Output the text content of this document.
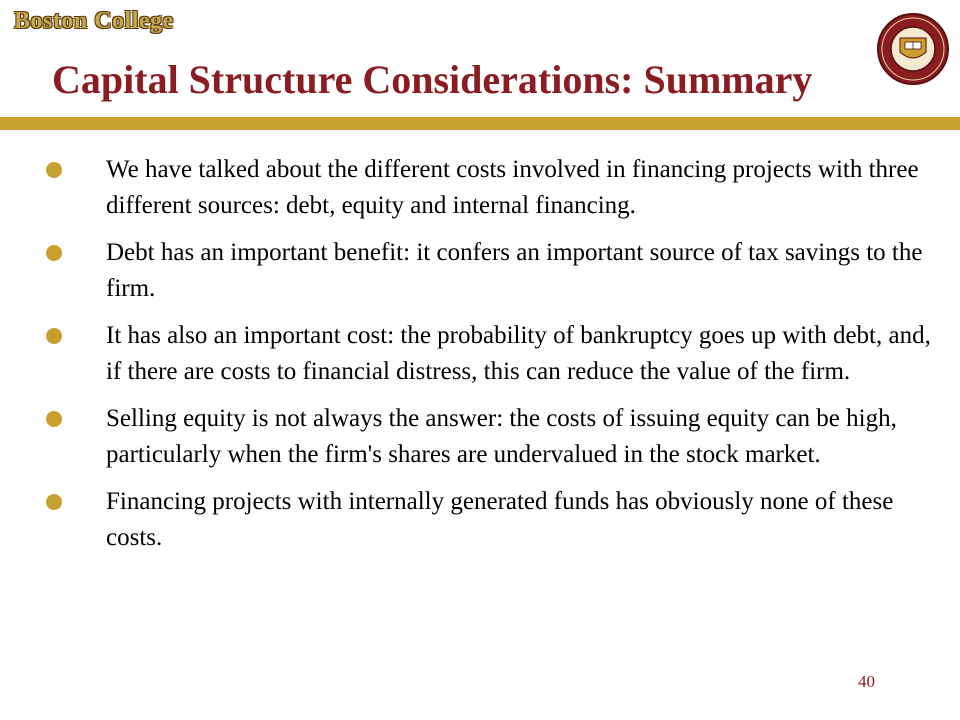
Boston College
Capital Structure Considerations: Summary
We have talked about the different costs involved in financing projects with three different sources: debt, equity and internal financing.
Debt has an important benefit: it confers an important source of tax savings to the firm.
It has also an important cost: the probability of bankruptcy goes up with debt, and, if there are costs to financial distress, this can reduce the value of the firm.
Selling equity is not always the answer: the costs of issuing equity can be high, particularly when the firm's shares are undervalued in the stock market.
Financing projects with internally generated funds has obviously none of these costs.
40
